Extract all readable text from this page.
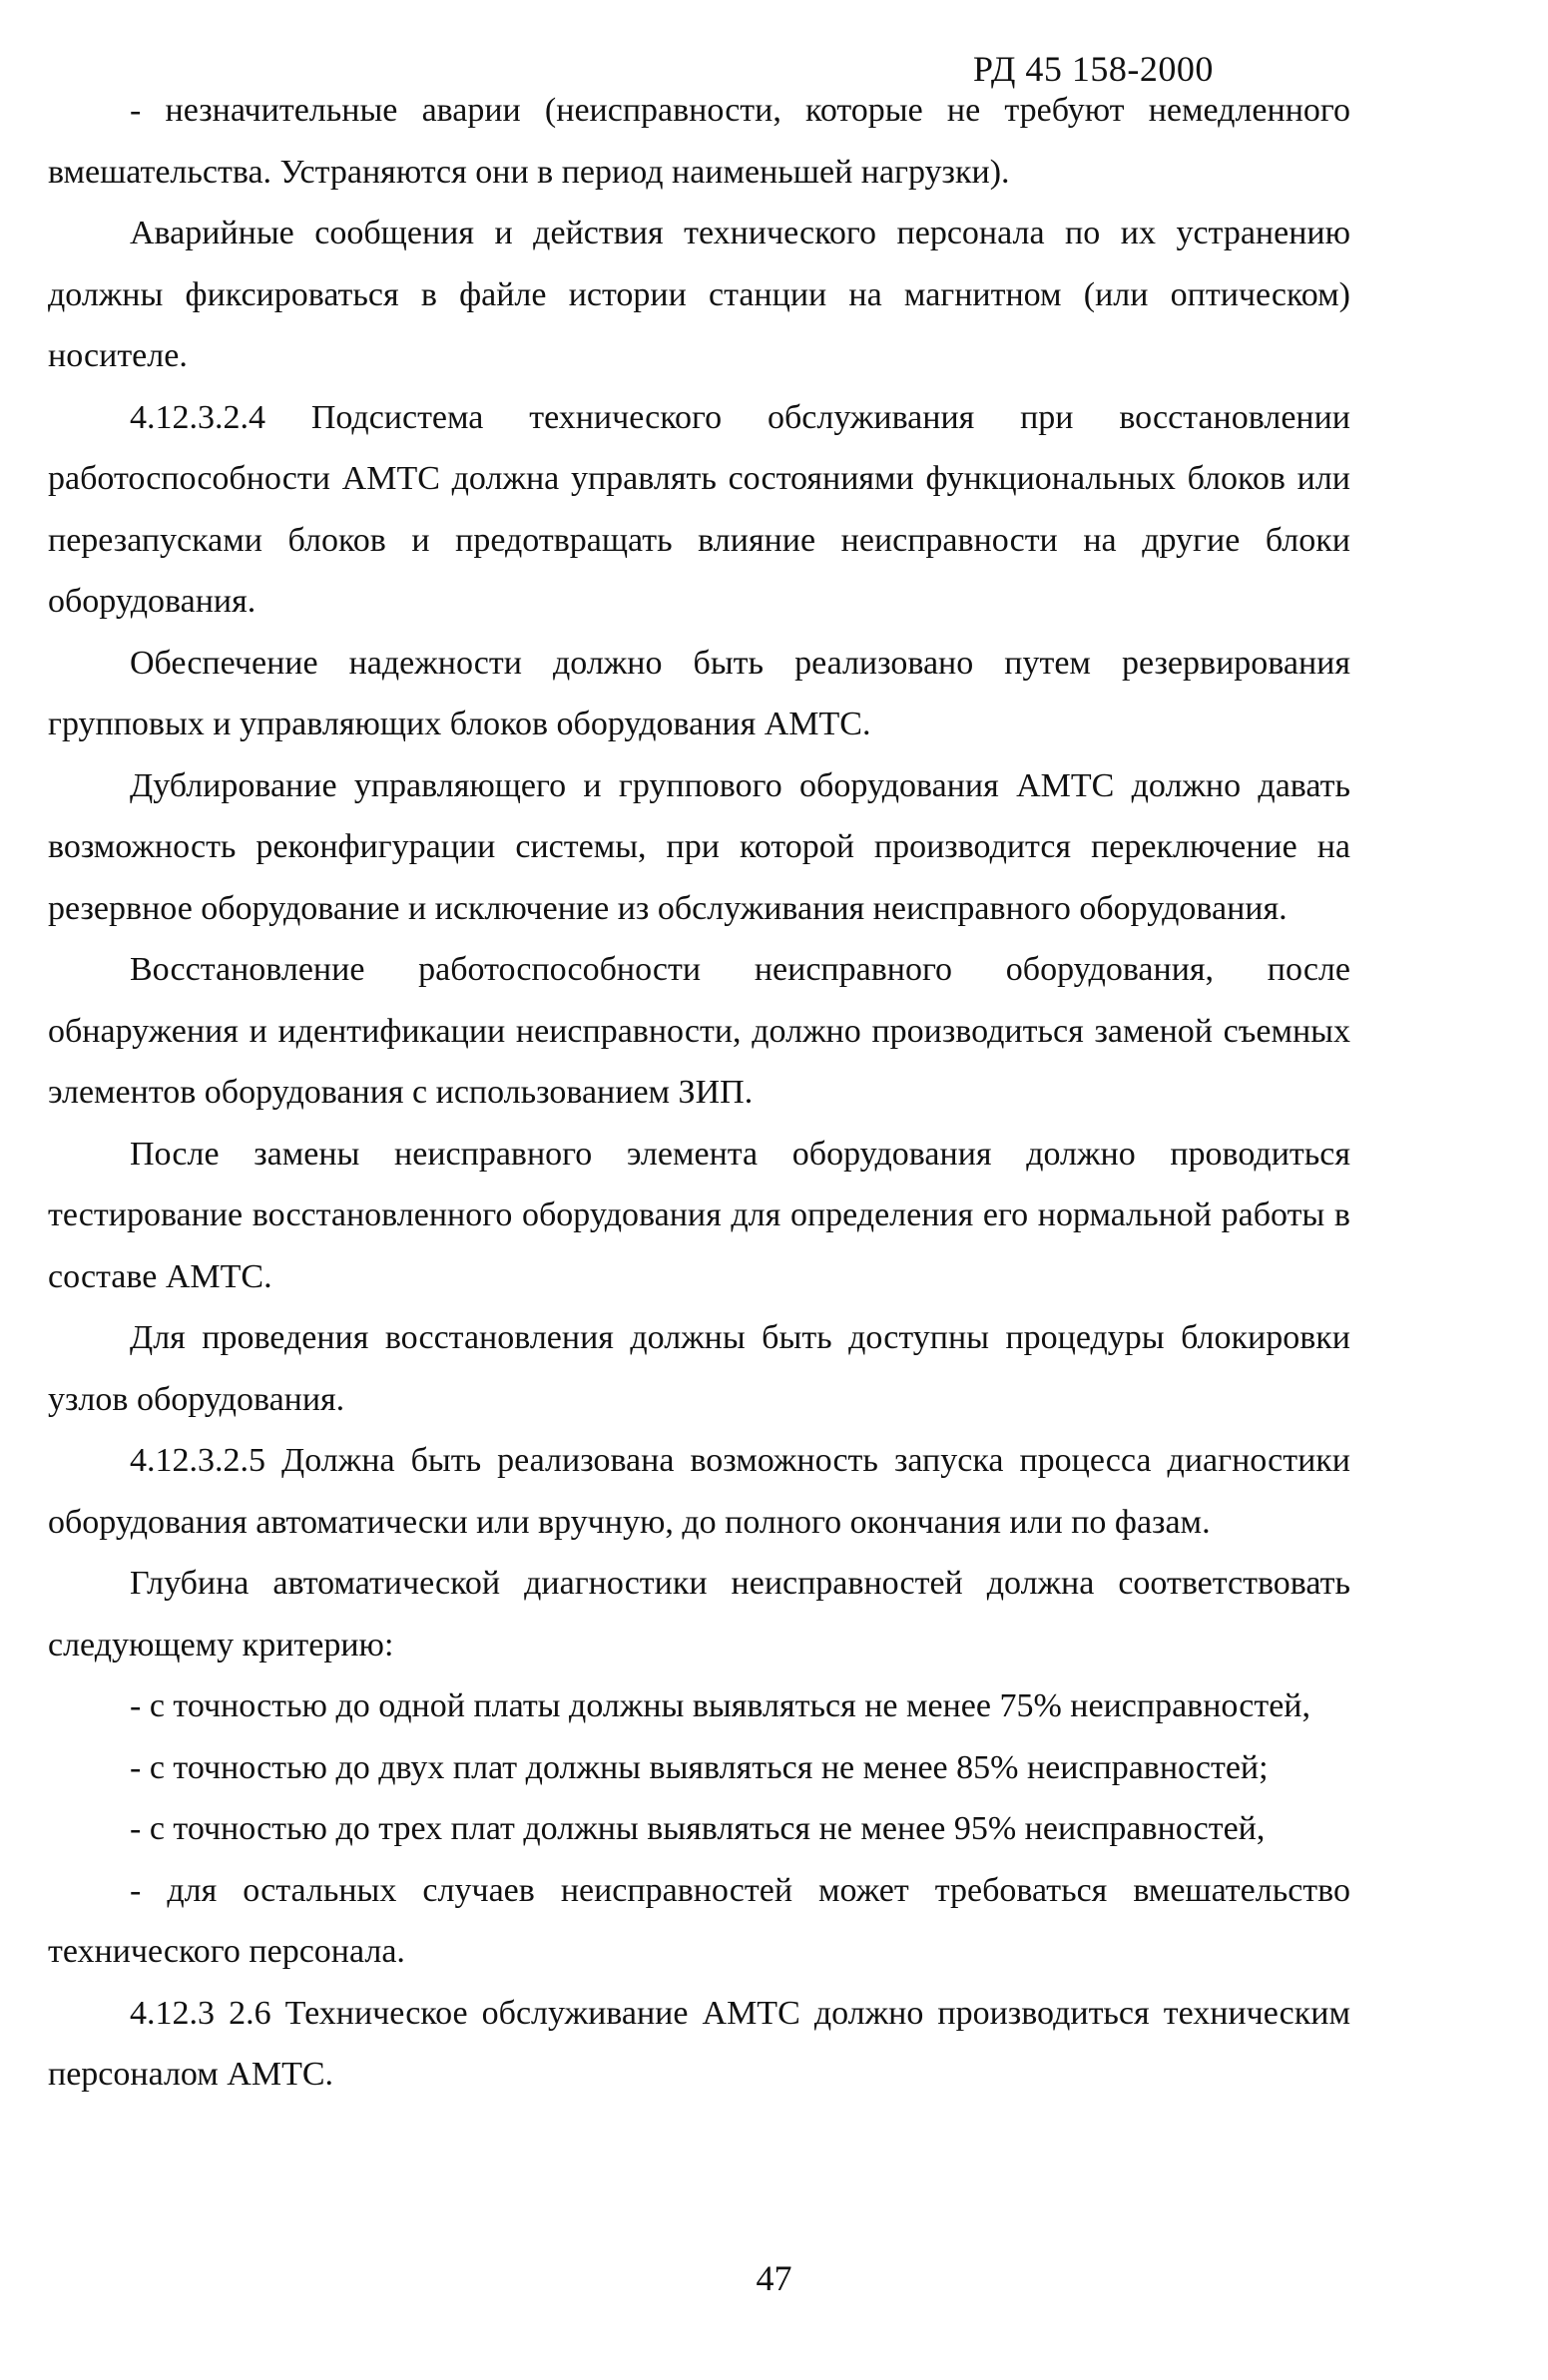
РД 45 158-2000

- незначительные аварии (неисправности, которые не требуют немедленного вмешательства. Устраняются они в период наименьшей нагрузки).

Аварийные сообщения и действия технического персонала по их устранению должны фиксироваться в файле истории станции на магнитном (или оптическом) носителе.

4.12.3.2.4 Подсистема технического обслуживания при восстановлении работоспособности АМТС должна управлять состояниями функциональных блоков или перезапусками блоков и предотвращать влияние неисправности на другие блоки оборудования.

Обеспечение надежности должно быть реализовано путем резервирования групповых и управляющих блоков оборудования АМТС.

Дублирование управляющего и группового оборудования АМТС должно давать возможность реконфигурации системы, при которой производится переключение на резервное оборудование и исключение из обслуживания неисправного оборудования.

Восстановление работоспособности неисправного оборудования, после обнаружения и идентификации неисправности, должно производиться заменой съемных элементов оборудования с использованием ЗИП.

После замены неисправного элемента оборудования должно проводиться тестирование восстановленного оборудования для определения его нормальной работы в составе АМТС.

Для проведения восстановления должны быть доступны процедуры блокировки узлов оборудования.

4.12.3.2.5 Должна быть реализована возможность запуска процесса диагностики оборудования автоматически или вручную, до полного окончания или по фазам.

Глубина автоматической диагностики неисправностей должна соответствовать следующему критерию:

- с точностью до одной платы должны выявляться не менее 75% неисправностей,

- с точностью до двух плат должны выявляться не менее 85% неисправностей;

- с точностью до трех плат должны выявляться не менее 95% неисправностей,

- для остальных случаев неисправностей может требоваться вмешательство технического персонала.

4.12.3 2.6 Техническое обслуживание АМТС должно производиться техническим персоналом АМТС.

47
